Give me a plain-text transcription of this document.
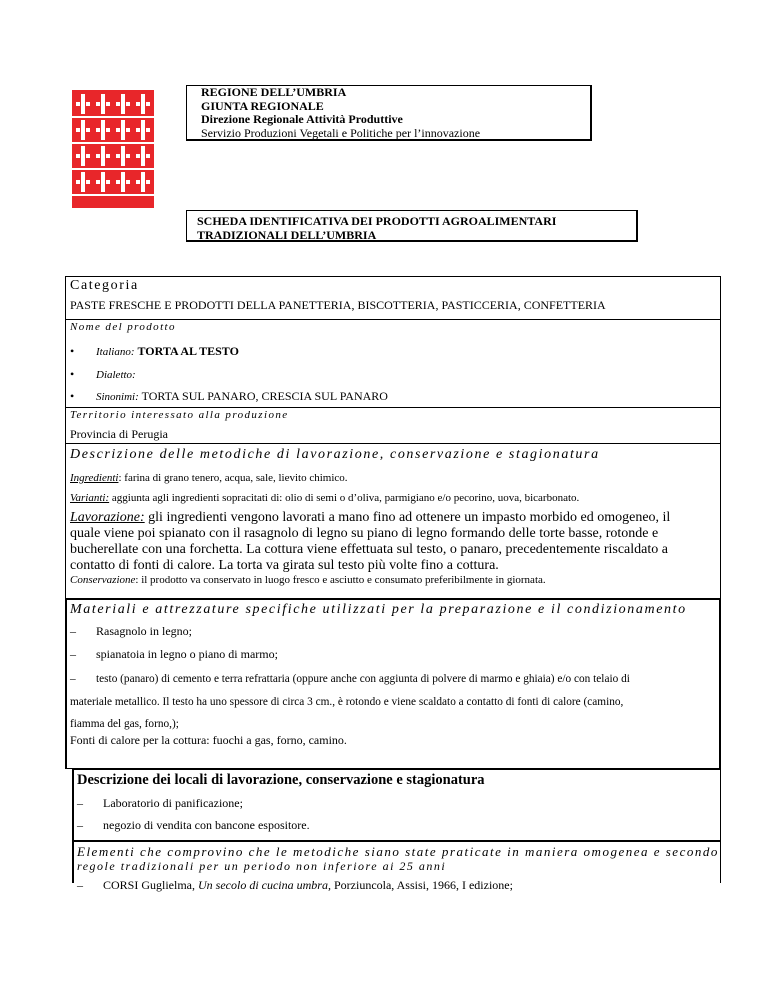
REGIONE DELL’UMBRIA
GIUNTA REGIONALE
Direzione Regionale Attività Produttive
Servizio Produzioni Vegetali e Politiche per l’innovazione
SCHEDA IDENTIFICATIVA DEI PRODOTTI AGROALIMENTARI
TRADIZIONALI DELL’UMBRIA
Categoria
PASTE FRESCHE E PRODOTTI DELLA PANETTERIA, BISCOTTERIA, PASTICCERIA, CONFETTERIA
Nome del prodotto
• Italiano: TORTA AL TESTO
• Dialetto:
• Sinonimi: TORTA SUL PANARO, CRESCIA SUL PANARO
Territorio interessato alla produzione
Provincia di Perugia
Descrizione delle metodiche di lavorazione, conservazione e stagionatura
Ingredienti: farina di grano tenero, acqua, sale, lievito chimico.
Varianti: aggiunta agli ingredienti sopracitati di: olio di semi o d’oliva, parmigiano e/o pecorino, uova, bicarbonato.
Lavorazione: gli ingredienti vengono lavorati a mano fino ad ottenere un impasto morbido ed omogeneo, il
quale viene poi spianato con il rasagnolo di legno su piano di legno formando delle torte basse, rotonde e
bucherellate con una forchetta. La cottura viene effettuata sul testo, o panaro, precedentemente riscaldato a
contatto di fonti di calore. La torta va girata sul testo più volte fino a cottura.
Conservazione: il prodotto va conservato in luogo fresco e asciutto e consumato preferibilmente in giornata.
Materiali e attrezzature specifiche utilizzati per la preparazione e il condizionamento
– Rasagnolo in legno;
– spianatoia in legno o piano di marmo;
– testo (panaro) di cemento e terra refrattaria (oppure anche con aggiunta di polvere di marmo e ghiaia) e/o con telaio di
materiale metallico. Il testo ha uno spessore di circa 3 cm., è rotondo e viene scaldato a contatto di fonti di calore (camino,
fiamma del gas, forno,);
Fonti di calore per la cottura: fuochi a gas, forno, camino.
Descrizione dei locali di lavorazione, conservazione e stagionatura
– Laboratorio di panificazione;
– negozio di vendita con bancone espositore.
Elementi che comprovino che le metodiche siano state praticate in maniera omogenea e secondo
regole tradizionali per un periodo non inferiore ai 25 anni
– CORSI Guglielma, Un secolo di cucina umbra, Porziuncola, Assisi, 1966, I edizione;
